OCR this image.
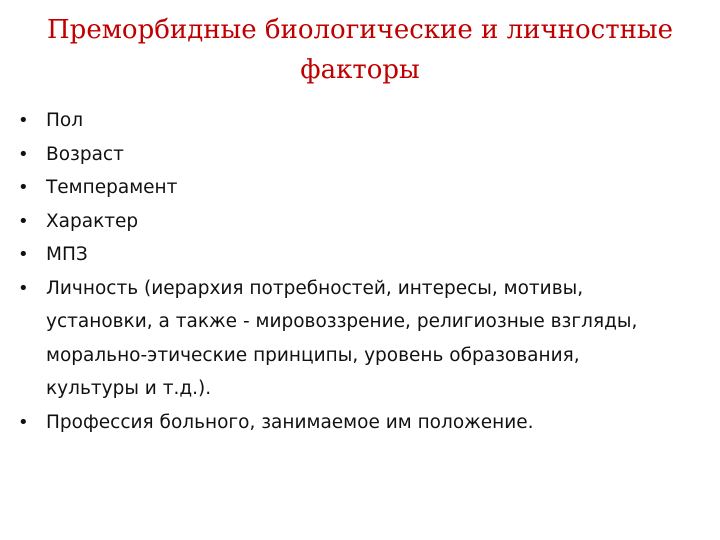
Преморбидные биологические и личностные
факторы
• Пол
• Возраст
• Темперамент
• Характер
• МПЗ
• Личность (иерархия потребностей, интересы, мотивы, установки, а также - мировоззрение, религиозные взгляды, морально-этические принципы, уровень образования, культуры и т.д.).
• Профессия больного, занимаемое им положение.
